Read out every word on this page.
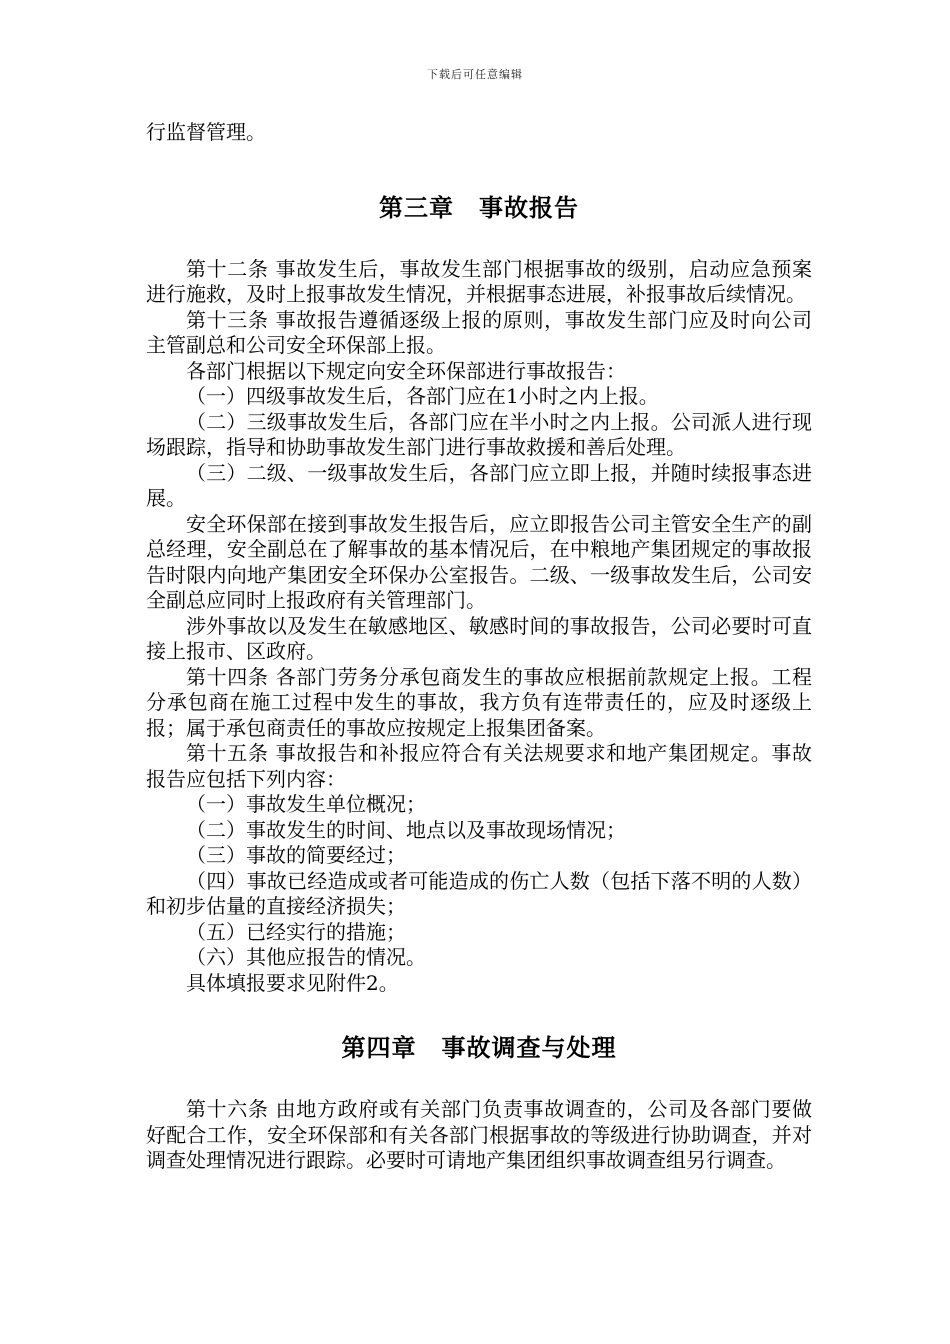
下载后可任意编辑

行监督管理。

第三章　事故报告

第十二条 事故发生后，事故发生部门根据事故的级别，启动应急预案进行施救，及时上报事故发生情况，并根据事态进展，补报事故后续情况。

第十三条 事故报告遵循逐级上报的原则，事故发生部门应及时向公司主管副总和公司安全环保部上报。

各部门根据以下规定向安全环保部进行事故报告：

（一）四级事故发生后，各部门应在1小时之内上报。

（二）三级事故发生后，各部门应在半小时之内上报。公司派人进行现场跟踪，指导和协助事故发生部门进行事故救援和善后处理。

（三）二级、一级事故发生后，各部门应立即上报，并随时续报事态进展。

安全环保部在接到事故发生报告后，应立即报告公司主管安全生产的副总经理，安全副总在了解事故的基本情况后，在中粮地产集团规定的事故报告时限内向地产集团安全环保办公室报告。二级、一级事故发生后，公司安全副总应同时上报政府有关管理部门。

涉外事故以及发生在敏感地区、敏感时间的事故报告，公司必要时可直接上报市、区政府。

第十四条 各部门劳务分承包商发生的事故应根据前款规定上报。工程分承包商在施工过程中发生的事故，我方负有连带责任的，应及时逐级上报；属于承包商责任的事故应按规定上报集团备案。

第十五条 事故报告和补报应符合有关法规要求和地产集团规定。事故报告应包括下列内容：

（一）事故发生单位概况；

（二）事故发生的时间、地点以及事故现场情况；

（三）事故的简要经过；

（四）事故已经造成或者可能造成的伤亡人数（包括下落不明的人数）和初步估量的直接经济损失；

（五）已经实行的措施；

（六）其他应报告的情况。

具体填报要求见附件2。

第四章　事故调查与处理

第十六条 由地方政府或有关部门负责事故调查的，公司及各部门要做好配合工作，安全环保部和有关各部门根据事故的等级进行协助调查，并对调查处理情况进行跟踪。必要时可请地产集团组织事故调查组另行调查。
